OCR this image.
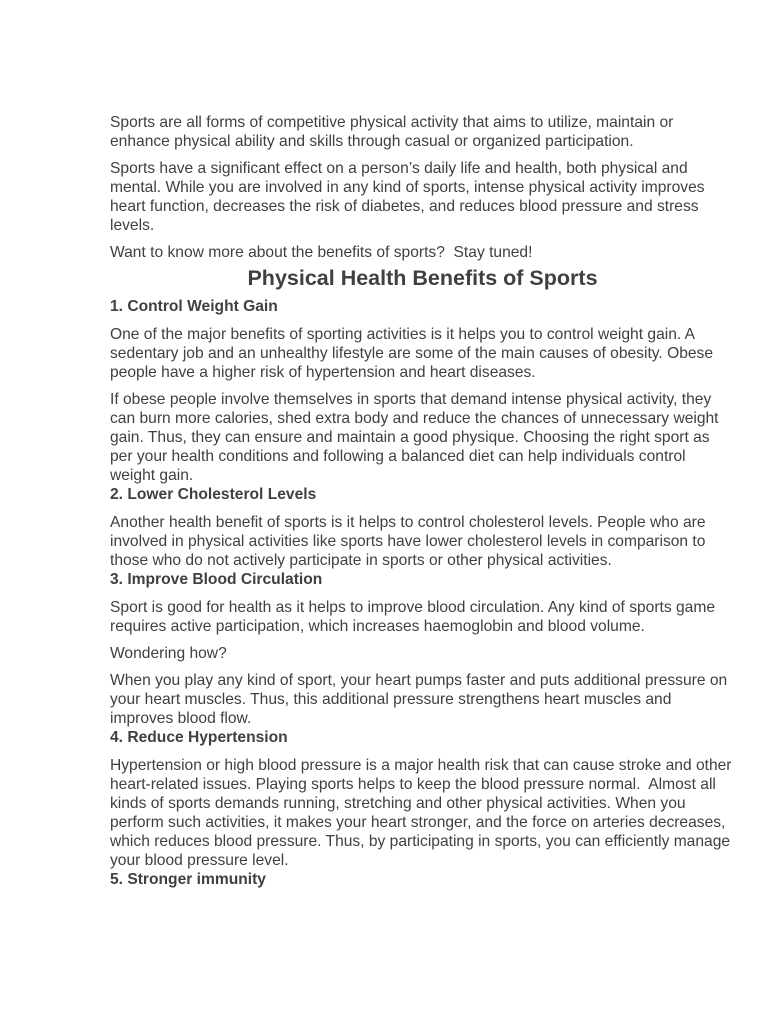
Sports are all forms of competitive physical activity that aims to utilize, maintain or enhance physical ability and skills through casual or organized participation.

Sports have a significant effect on a person’s daily life and health, both physical and mental. While you are involved in any kind of sports, intense physical activity improves heart function, decreases the risk of diabetes, and reduces blood pressure and stress levels.

Want to know more about the benefits of sports?  Stay tuned!

Physical Health Benefits of Sports
1. Control Weight Gain

One of the major benefits of sporting activities is it helps you to control weight gain. A sedentary job and an unhealthy lifestyle are some of the main causes of obesity. Obese people have a higher risk of hypertension and heart diseases.

If obese people involve themselves in sports that demand intense physical activity, they can burn more calories, shed extra body and reduce the chances of unnecessary weight gain. Thus, they can ensure and maintain a good physique. Choosing the right sport as per your health conditions and following a balanced diet can help individuals control weight gain.

2. Lower Cholesterol Levels

Another health benefit of sports is it helps to control cholesterol levels. People who are involved in physical activities like sports have lower cholesterol levels in comparison to those who do not actively participate in sports or other physical activities.

3. Improve Blood Circulation

Sport is good for health as it helps to improve blood circulation. Any kind of sports game requires active participation, which increases haemoglobin and blood volume.

Wondering how?

When you play any kind of sport, your heart pumps faster and puts additional pressure on your heart muscles. Thus, this additional pressure strengthens heart muscles and improves blood flow.

4. Reduce Hypertension

Hypertension or high blood pressure is a major health risk that can cause stroke and other heart-related issues. Playing sports helps to keep the blood pressure normal.  Almost all kinds of sports demands running, stretching and other physical activities. When you perform such activities, it makes your heart stronger, and the force on arteries decreases, which reduces blood pressure. Thus, by participating in sports, you can efficiently manage your blood pressure level.

5. Stronger immunity
